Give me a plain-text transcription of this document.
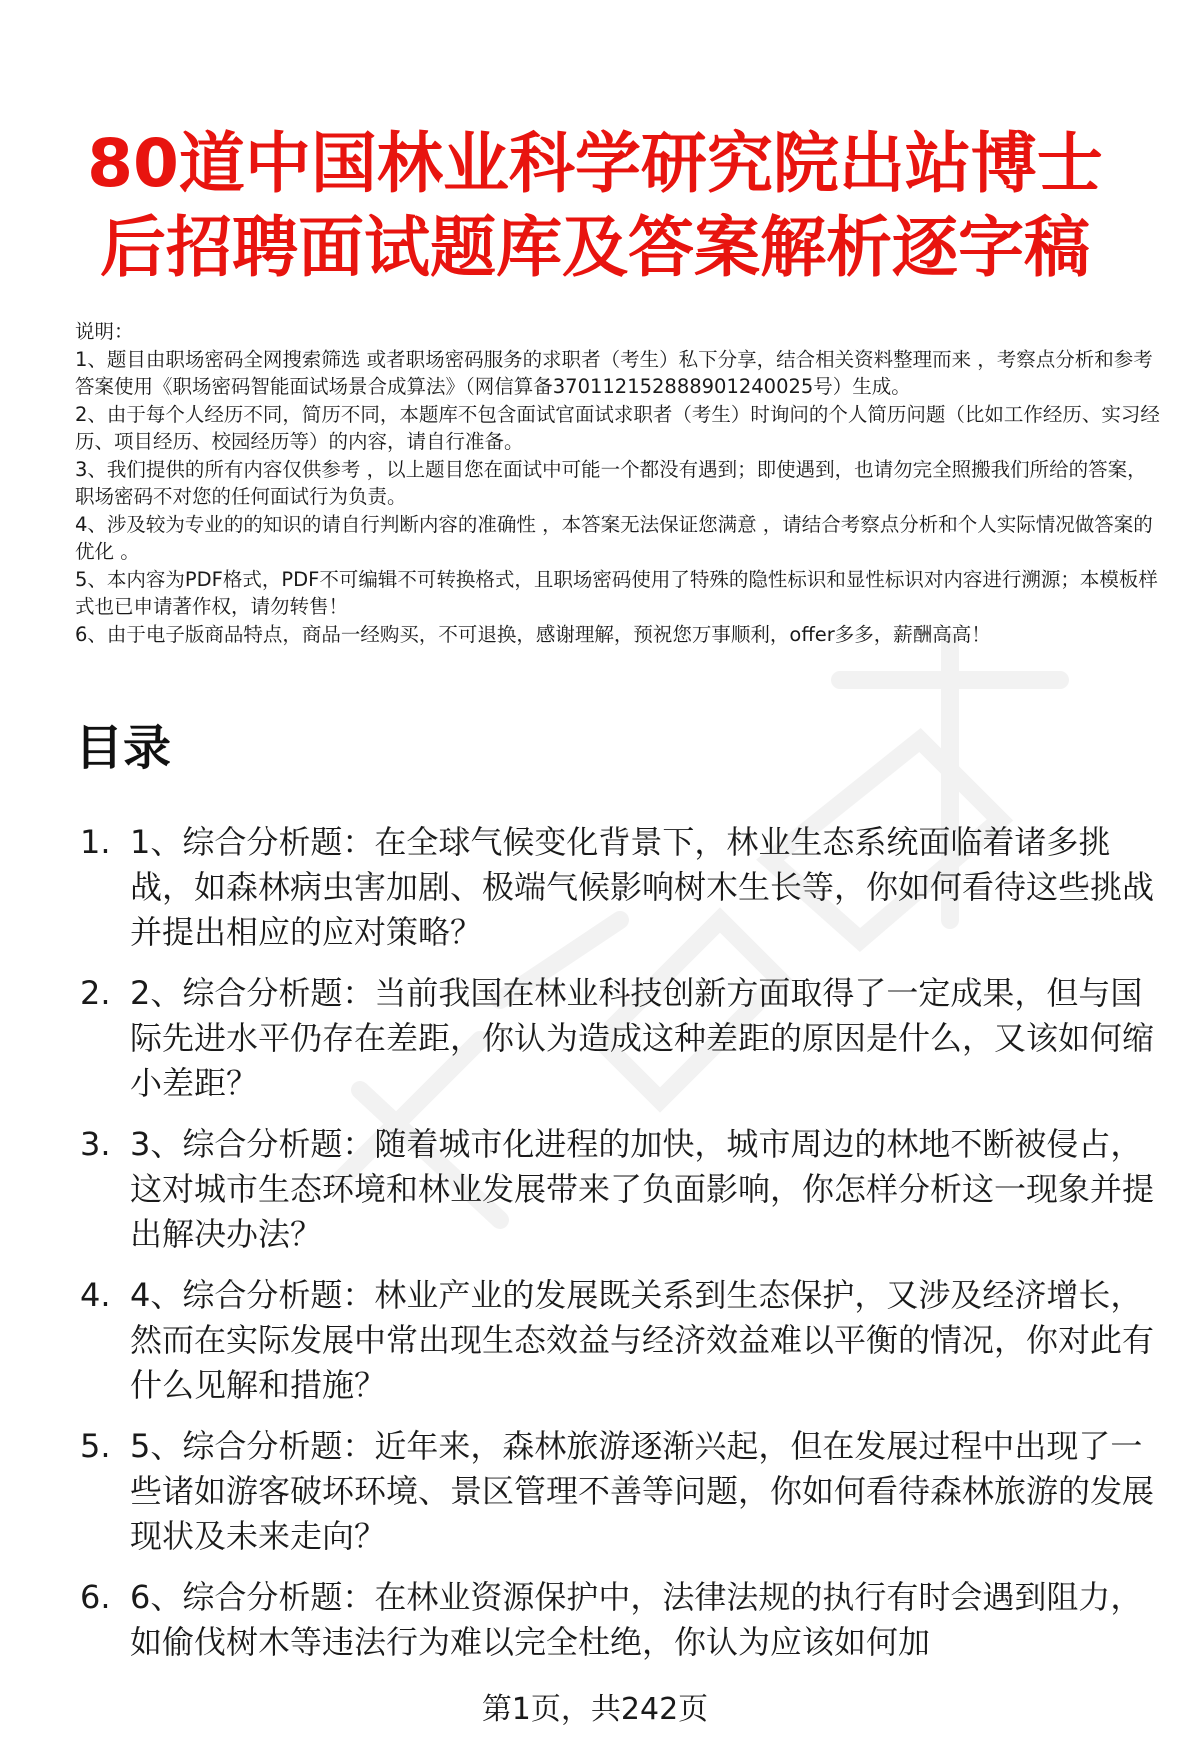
80道中国林业科学研究院出站博士
后招聘面试题库及答案解析逐字稿

说明：

1、题目由职场密码全网搜索筛选 或者职场密码服务的求职者（考生）私下分享，结合相关资料整理而来 ，考察点分析和参考答案使用《职场密码智能面试场景合成算法》（网信算备370112152888901240025号）生成。

2、由于每个人经历不同，简历不同，本题库不包含面试官面试求职者（考生）时询问的个人简历问题（比如工作经历、实习经历、项目经历、校园经历等）的内容，请自行准备。

3、我们提供的所有内容仅供参考 ，以上题目您在面试中可能一个都没有遇到；即使遇到，也请勿完全照搬我们所给的答案，职场密码不对您的任何面试行为负责。

4、涉及较为专业的的知识的请自行判断内容的准确性 ，本答案无法保证您满意 ，请结合考察点分析和个人实际情况做答案的优化 。

5、本内容为PDF格式，PDF不可编辑不可转换格式，且职场密码使用了特殊的隐性标识和显性标识对内容进行溯源；本模板样式也已申请著作权，请勿转售！

6、由于电子版商品特点，商品一经购买，不可退换，感谢理解，预祝您万事顺利，offer多多，薪酬高高！

目录
1. 1、综合分析题：在全球气候变化背景下，林业生态系统面临着诸多挑战，如森林病虫害加剧、极端气候影响树木生长等，你如何看待这些挑战并提出相应的应对策略？
2. 2、综合分析题：当前我国在林业科技创新方面取得了一定成果，但与国际先进水平仍存在差距，你认为造成这种差距的原因是什么，又该如何缩小差距？
3. 3、综合分析题：随着城市化进程的加快，城市周边的林地不断被侵占，这对城市生态环境和林业发展带来了负面影响，你怎样分析这一现象并提出解决办法？
4. 4、综合分析题：林业产业的发展既关系到生态保护，又涉及经济增长，然而在实际发展中常出现生态效益与经济效益难以平衡的情况，你对此有什么见解和措施？
5. 5、综合分析题：近年来，森林旅游逐渐兴起，但在发展过程中出现了一些诸如游客破坏环境、景区管理不善等问题，你如何看待森林旅游的发展现状及未来走向？
6. 6、综合分析题：在林业资源保护中，法律法规的执行有时会遇到阻力，如偷伐树木等违法行为难以完全杜绝，你认为应该如何加
第1页，共242页
